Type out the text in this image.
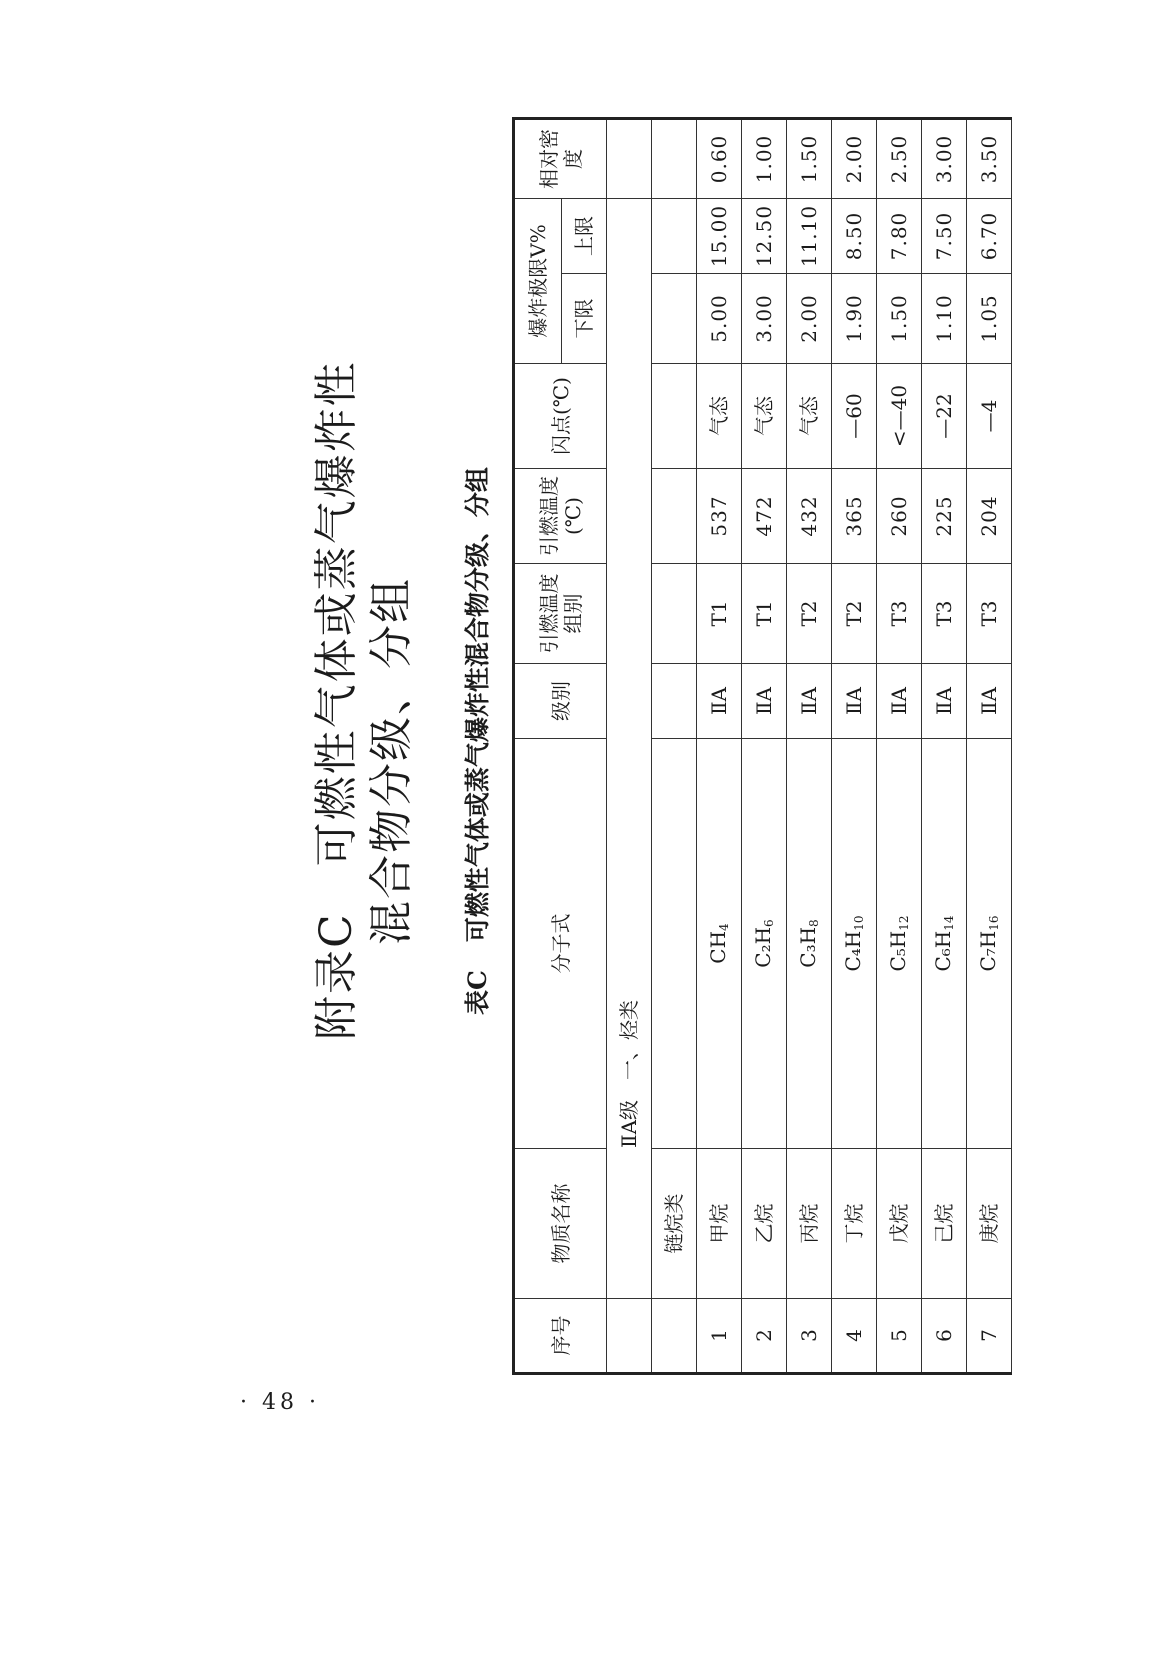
附录C　可燃性气体或蒸气爆炸性 混合物分级、分组
表C可燃性气体或蒸气爆炸性混合物分级、分组
序号	物质名称	分子式	级别	引燃温度组别	引燃温度(℃)	闪点(℃)	爆炸极限V%		相对密度
							下限	上限	
	ⅡA级　一、烃类								
	链烷类								
1	甲烷	$CH_4$	ⅡA	T1	537	气态	5.00	15.00	0.60
2	乙烷	$C_2H_6$	ⅡA	T1	472	气态	3.00	12.50	1.00
3	丙烷	$C_3H_8$	ⅡA	T2	432	气态	2.00	11.10	1.50
4	丁烷	$C_4H_{10}$	ⅡA	T2	365	—60	1.90	8.50	2.00
5	戊烷	$C_5H_{12}$	ⅡA	T3	260	<—40	1.50	7.80	2.50
6	己烷	$C_6H_{14}$	ⅡA	T3	225	—22	1.10	7.50	3.00
7	庚烷	$C_7H_{16}$	ⅡA	T3	204	—4	1.05	6.70	3.50
· 48 ·
